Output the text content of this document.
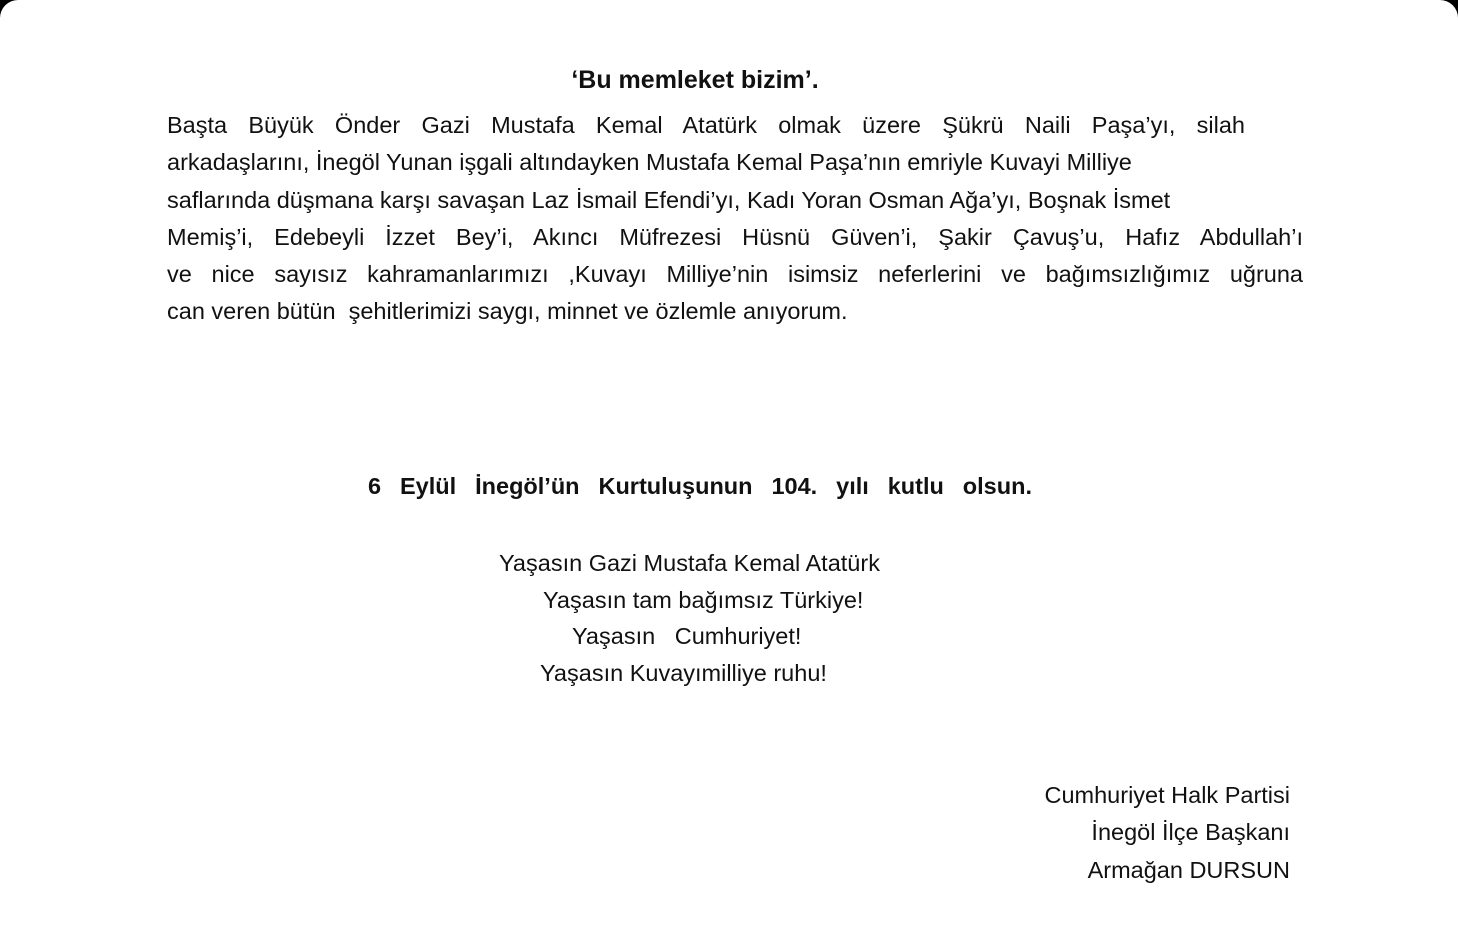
‘Bu memleket bizim’.
Başta Büyük Önder Gazi Mustafa Kemal Atatürk olmak üzere Şükrü Naili Paşa’yı, silah
arkadaşlarını, İnegöl Yunan işgali altındayken Mustafa Kemal Paşa’nın emriyle Kuvayi Milliye
saflarında düşmana karşı savaşan Laz İsmail Efendi’yı, Kadı Yoran Osman Ağa’yı, Boşnak İsmet
Memiş’i, Edebeyli İzzet Bey’i, Akıncı Müfrezesi Hüsnü Güven’i, Şakir Çavuş’u, Hafız Abdullah’ı
ve nice sayısız kahramanlarımızı ,Kuvayı Milliye’nin isimsiz neferlerini ve bağımsızlığımız uğruna
can veren bütün  şehitlerimizi saygı, minnet ve özlemle anıyorum.
6 Eylül İnegöl’ün Kurtuluşunun 104. yılı kutlu olsun.
Yaşasın Gazi Mustafa Kemal Atatürk
Yaşasın tam bağımsız Türkiye!
Yaşasın   Cumhuriyet!
Yaşasın Kuvayımilliye ruhu!
Cumhuriyet Halk Partisi
İnegöl İlçe Başkanı
Armağan DURSUN
